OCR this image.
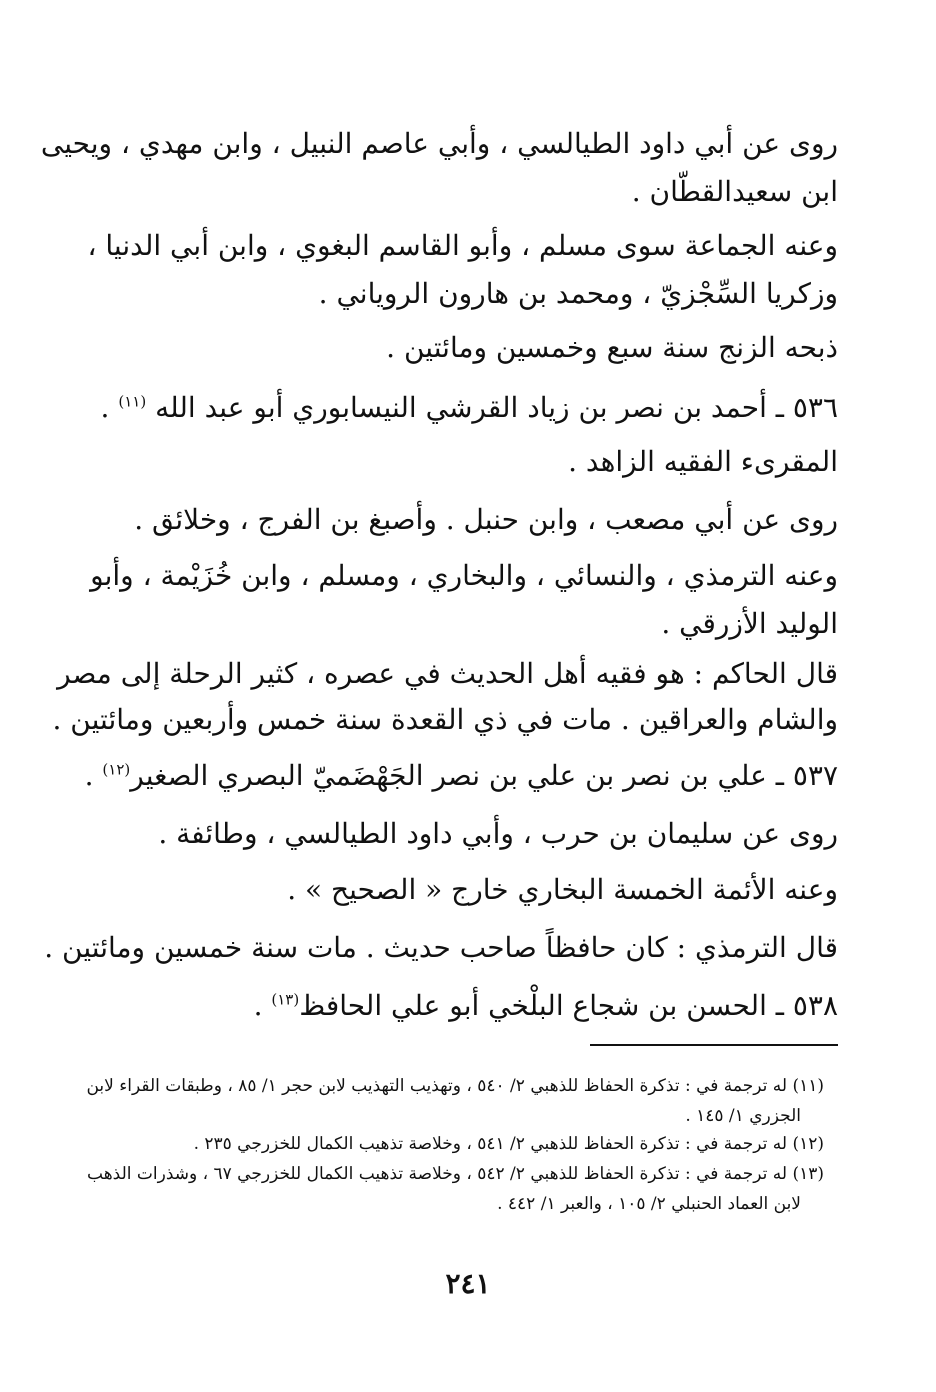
روى عن أبي داود الطيالسي ، وأبي عاصم النبيل ، وابن مهدي ، ويحيى
ابن سعيدالقطّان .
وعنه الجماعة سوى مسلم ، وأبو القاسم البغوي ، وابن أبي الدنيا ،
وزكريا السِّجْزيّ ، ومحمد بن هارون الروياني .
ذبحه الزنج سنة سبع وخمسين ومائتين .
٥٣٦ ـ أحمد بن نصر بن زياد القرشي النيسابوري أبو عبد الله $^{(١١)}$ .
المقرىء الفقيه الزاهد .
روى عن أبي مصعب ، وابن حنبل . وأصبغ بن الفرج ، وخلائق .
وعنه الترمذي ، والنسائي ، والبخاري ، ومسلم ، وابن خُزَيْمة ، وأبو
الوليد الأزرقي .
قال الحاكم : هو فقيه أهل الحديث في عصره ، كثير الرحلة إلى مصر
والشام والعراقين . مات في ذي القعدة سنة خمس وأربعين ومائتين .
٥٣٧ ـ علي بن نصر بن علي بن نصر الجَهْضَميّ البصري الصغير$^{(١٢)}$ .
روى عن سليمان بن حرب ، وأبي داود الطيالسي ، وطائفة .
وعنه الأئمة الخمسة البخاري خارج « الصحيح » .
قال الترمذي : كان حافظاً صاحب حديث . مات سنة خمسين ومائتين .
٥٣٨ ـ الحسن بن شجاع البلْخي أبو علي الحافظ$^{(١٣)}$ .
(١١) له ترجمة في : تذكرة الحفاظ للذهبي ٢/ ٥٤٠ ، وتهذيب التهذيب لابن حجر ١/ ٨٥ ، وطبقات القراء لابن
الجزري ١/ ١٤٥ .
(١٢) له ترجمة في : تذكرة الحفاظ للذهبي ٢/ ٥٤١ ، وخلاصة تذهيب الكمال للخزرجي ٢٣٥ .
(١٣) له ترجمة في : تذكرة الحفاظ للذهبي ٢/ ٥٤٢ ، وخلاصة تذهيب الكمال للخزرجي ٦٧ ، وشذرات الذهب
لابن العماد الحنبلي ٢/ ١٠٥ ، والعبر ١/ ٤٤٢ .
٢٤١
